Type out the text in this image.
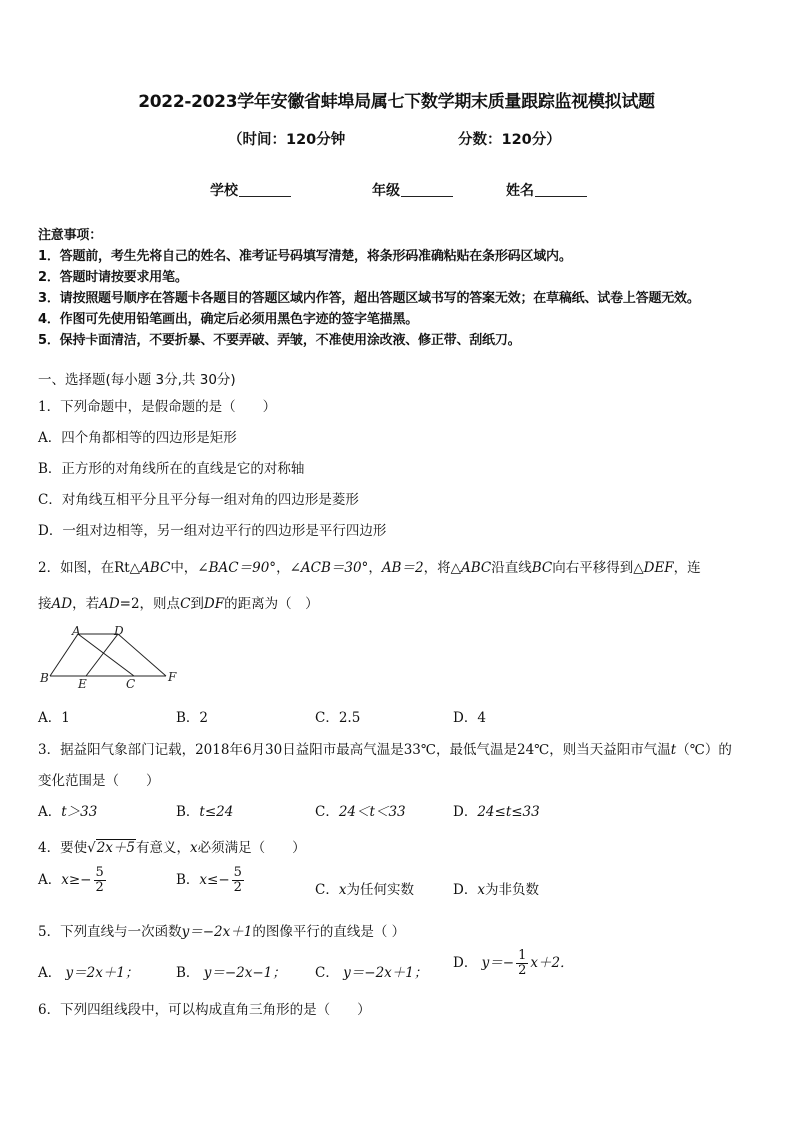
2022-2023学年安徽省蚌埠局属七下数学期末质量跟踪监视模拟试题
（时间：120分钟	分数：120分）
学校	年级	姓名
注意事项：
1．答题前，考生先将自己的姓名、准考证号码填写清楚，将条形码准确粘贴在条形码区域内。
2．答题时请按要求用笔。
3．请按照题号顺序在答题卡各题目的答题区域内作答，超出答题区域书写的答案无效；在草稿纸、试卷上答题无效。
4．作图可先使用铅笔画出，确定后必须用黑色字迹的签字笔描黑。
5．保持卡面清洁，不要折暴、不要弄破、弄皱，不准使用涂改液、修正带、刮纸刀。
一、选择题(每小题 3分,共 30分)
1．下列命题中，是假命题的是（　　）
A．四个角都相等的四边形是矩形
B．正方形的对角线所在的直线是它的对称轴
C．对角线互相平分且平分每一组对角的四边形是菱形
D．一组对边相等，另一组对边平行的四边形是平行四边形
2．如图，在Rt△ABC中，∠BAC＝90°，∠ACB＝30°，AB＝2，将△ABC沿直线BC向右平移得到△DEF，连
接AD，若AD=2，则点C到DF的距离为（　）
A	D
B E	C	F
A．1	B．2	C．2.5	D．4
3．据益阳气象部门记载，2018年6月30日益阳市最高气温是33℃，最低气温是24℃，则当天益阳市气温t（℃）的
变化范围是（　　）
A．t＞33	B．t≤24	C．24＜t＜33	D．24≤t≤33
4．要使√2x＋5有意义，x必须满足（　　）
A．$x\ge- \frac{5}{2}$	B．$x\le- \frac{5}{2}$	C．x为任何实数	D．x为非负数
5．下列直线与一次函数y＝−2x＋1的图像平行的直线是（ ）
A． y＝2x＋1；	B． y＝−2x−1； C． y＝−2x＋1；
D． $y=- \frac{1}{2} x+2$．
6．下列四组线段中，可以构成直角三角形的是（　　）
